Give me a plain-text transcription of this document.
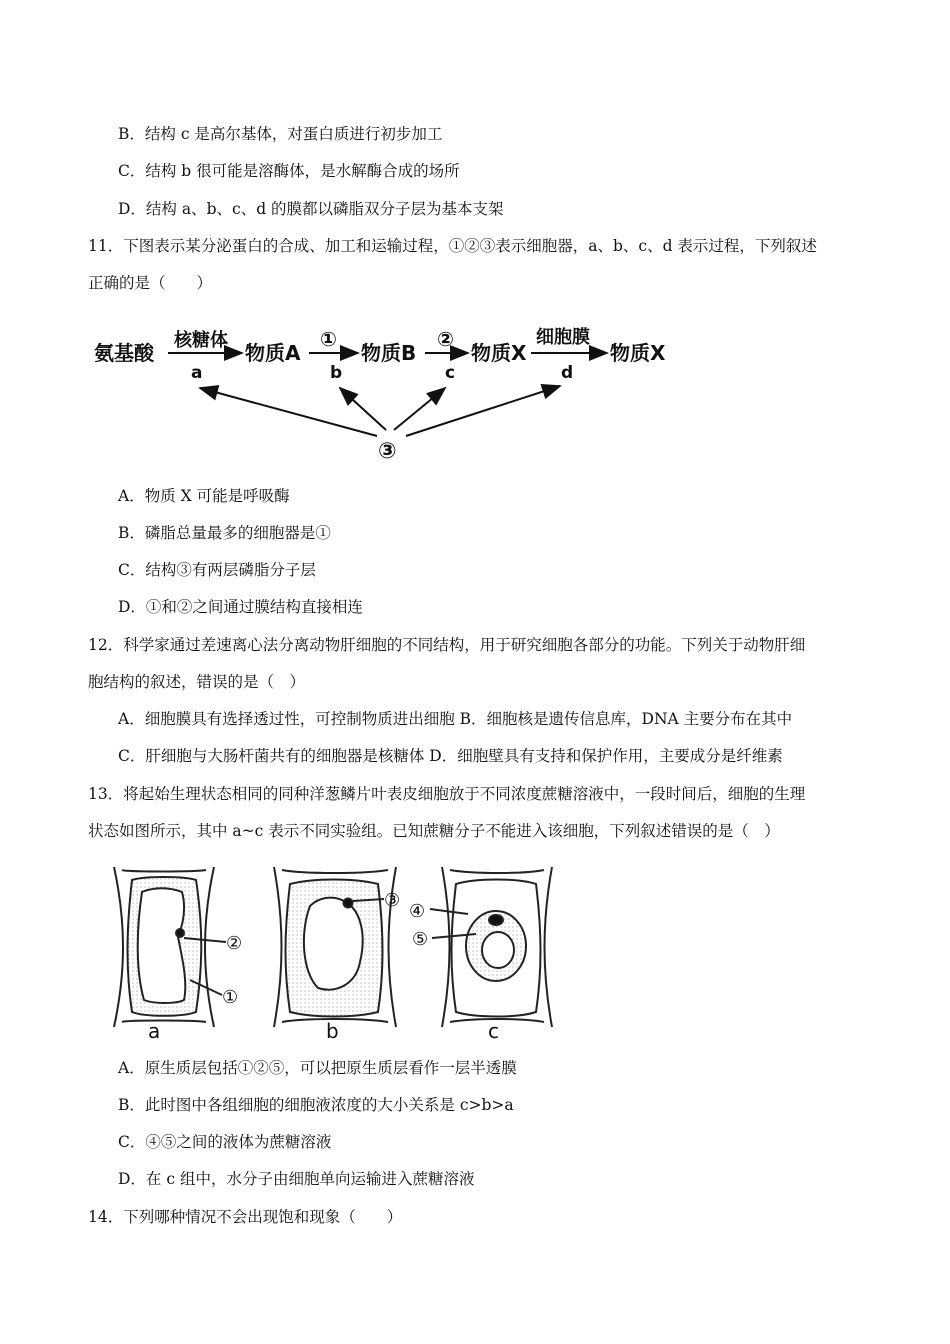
B．结构 c 是高尔基体，对蛋白质进行初步加工
C．结构 b 很可能是溶酶体，是水解酶合成的场所
D．结构 a、b、c、d 的膜都以磷脂双分子层为基本支架
11．下图表示某分泌蛋白的合成、加工和运输过程，①②③表示细胞器，a、b、c、d 表示过程，下列叙述
正确的是（　　）
氨基酸	物质A	物质B	物质X	物质X
核糖体	①	②	细胞膜
a	b	c	d
③
A．物质 X 可能是呼吸酶
B．磷脂总量最多的细胞器是①
C．结构③有两层磷脂分子层
D．①和②之间通过膜结构直接相连
12．科学家通过差速离心法分离动物肝细胞的不同结构，用于研究细胞各部分的功能。下列关于动物肝细
胞结构的叙述，错误的是（　）
A．细胞膜具有选择透过性，可控制物质进出细胞 B．细胞核是遗传信息库，DNA 主要分布在其中
C．肝细胞与大肠杆菌共有的细胞器是核糖体 D．细胞壁具有支持和保护作用，主要成分是纤维素
13．将起始生理状态相同的同种洋葱鳞片叶表皮细胞放于不同浓度蔗糖溶液中，一段时间后，细胞的生理
状态如图所示，其中 a~c 表示不同实验组。已知蔗糖分子不能进入该细胞，下列叙述错误的是（　）
②
①
③
④
⑤
a	b	c
A．原生质层包括①②⑤，可以把原生质层看作一层半透膜
B．此时图中各组细胞的细胞液浓度的大小关系是 c>b>a
C．④⑤之间的液体为蔗糖溶液
D．在 c 组中，水分子由细胞单向运输进入蔗糖溶液
14．下列哪种情况不会出现饱和现象（　　）
